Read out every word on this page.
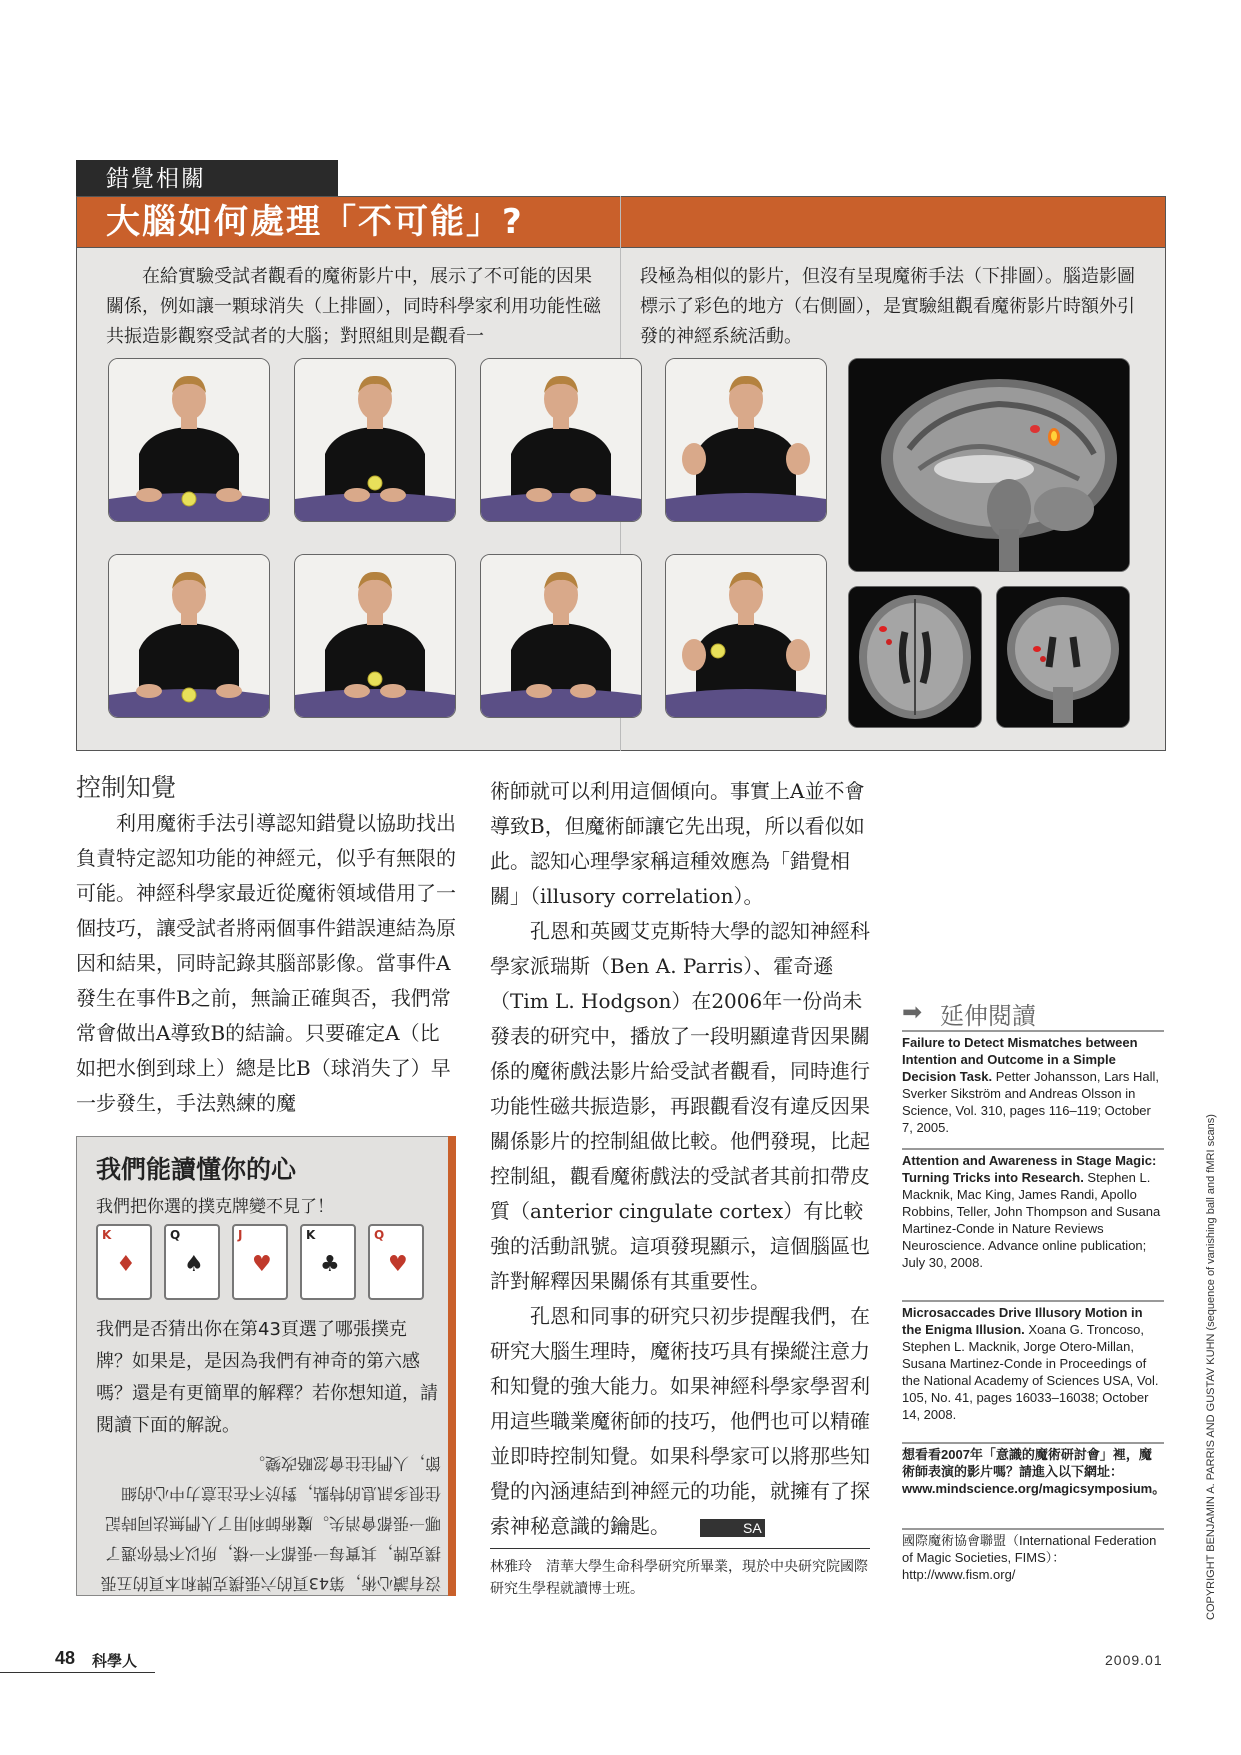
錯覺相關
大腦如何處理「不可能」?
在給實驗受試者觀看的魔術影片中，展示了不可能的因果關係，例如讓一顆球消失（上排圖），同時科學家利用功能性磁共振造影觀察受試者的大腦；對照組則是觀看一
段極為相似的影片，但沒有呈現魔術手法（下排圖）。腦造影圖標示了彩色的地方（右側圖），是實驗組觀看魔術影片時額外引發的神經系統活動。
控制知覺
利用魔術手法引導認知錯覺以協助找出負責特定認知功能的神經元，似乎有無限的可能。神經科學家最近從魔術領域借用了一個技巧，讓受試者將兩個事件錯誤連結為原因和結果，同時記錄其腦部影像。當事件A發生在事件B之前，無論正確與否，我們常常會做出A導致B的結論。只要確定A（比如把水倒到球上）總是比B（球消失了）早一步發生，手法熟練的魔

術師就可以利用這個傾向。事實上A並不會導致B，但魔術師讓它先出現，所以看似如此。認知心理學家稱這種效應為「錯覺相關」（illusory correlation）。

孔恩和英國艾克斯特大學的認知神經科學家派瑞斯（Ben A. Parris）、霍奇遜（Tim L. Hodgson）在2006年一份尚未發表的研究中，播放了一段明顯違背因果關係的魔術戲法影片給受試者觀看，同時進行功能性磁共振造影，再跟觀看沒有違反因果關係影片的控制組做比較。他們發現，比起控制組，觀看魔術戲法的受試者其前扣帶皮質（anterior cingulate cortex）有比較強的活動訊號。這項發現顯示，這個腦區也許對解釋因果關係有其重要性。

孔恩和同事的研究只初步提醒我們，在研究大腦生理時，魔術技巧具有操縱注意力和知覺的強大能力。如果神經科學家學習利用這些職業魔術師的技巧，他們也可以精確並即時控制知覺。如果科學家可以將那些知覺的內涵連結到神經元的功能，就擁有了探索神秘意識的鑰匙。	SA

林雅玲　清華大學生命科學研究所畢業，現於中央研究院國際研究生學程就讀博士班。
我們能讀懂你的心
我們把你選的撲克牌變不見了！
K
♦
Q
♠
J
♥
K
♣
Q
♥
我們是否猜出你在第43頁選了哪張撲克牌？如果是，是因為我們有神奇的第六感嗎？還是有更簡單的解釋？若你想知道，請閱讀下面的解說。
沒有讀心術，第43頁的六張撲克牌和本頁的五張撲克牌，其實每一張都不一樣，所以不管你選了哪一張都會消失。魔術師利用了人們無法同時記住很多訊息的特點，對於不在注意力中心的細節，人們往往會忽略改變。
➡ 延伸閱讀
Failure to Detect Mismatches between Intention and Outcome in a Simple Decision Task. Petter Johansson, Lars Hall, Sverker Sikström and Andreas Olsson in Science, Vol. 310, pages 116–119; October 7, 2005.
Attention and Awareness in Stage Magic: Turning Tricks into Research. Stephen L. Macknik, Mac King, James Randi, Apollo Robbins, Teller, John Thompson and Susana Martinez-Conde in Nature Reviews Neuroscience. Advance online publication; July 30, 2008.
Microsaccades Drive Illusory Motion in the Enigma Illusion. Xoana G. Troncoso, Stephen L. Macknik, Jorge Otero-Millan, Susana Martinez-Conde in Proceedings of the National Academy of Sciences USA, Vol. 105, No. 41, pages 16033–16038; October 14, 2008.
想看看2007年「意識的魔術研討會」裡，魔術師表演的影片嗎？請進入以下網址：www.mindscience.org/magicsymposium。
國際魔術協會聯盟（International Federation of Magic Societies, FIMS）：http://www.fism.org/	COPYRIGHT BENJAMIN A. PARRIS AND GUSTAV KUHN (sequence of vanishing ball and fMRI scans)
48 科學人	2009.01
